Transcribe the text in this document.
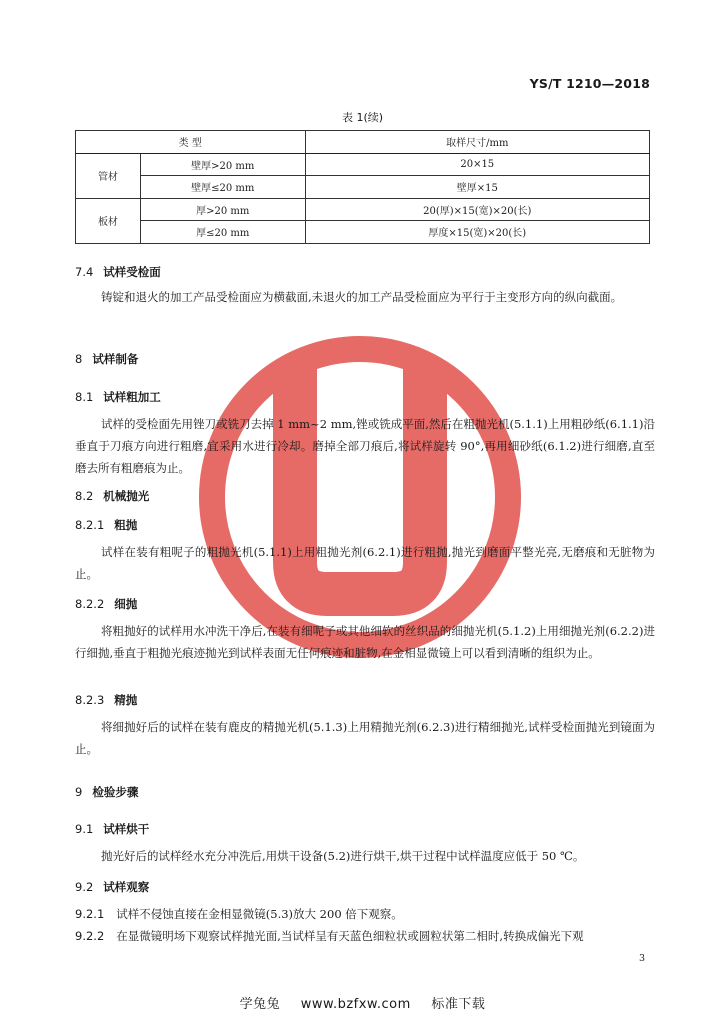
YS/T 1210—2018
表 1(续)
类 型		取样尺寸/mm
管材	壁厚>20 mm	20×15
	壁厚≤20 mm	壁厚×15
板材	厚>20 mm	20(厚)×15(宽)×20(长)
	厚≤20 mm	厚度×15(宽)×20(长)
7.4 试样受检面
铸锭和退火的加工产品受检面应为横截面,未退火的加工产品受检面应为平行于主变形方向的纵向截面。
8 试样制备
8.1 试样粗加工
试样的受检面先用锉刀或铣刀去掉 1 mm~2 mm,锉或铣成平面,然后在粗抛光机(5.1.1)上用粗砂纸(6.1.1)沿垂直于刀痕方向进行粗磨,宜采用水进行冷却。磨掉全部刀痕后,将试样旋转 90°,再用细砂纸(6.1.2)进行细磨,直至磨去所有粗磨痕为止。
8.2 机械抛光
8.2.1 粗抛
试样在装有粗呢子的粗抛光机(5.1.1)上用粗抛光剂(6.2.1)进行粗抛,抛光到磨面平整光亮,无磨痕和无脏物为止。
8.2.2 细抛
将粗抛好的试样用水冲洗干净后,在装有细呢子或其他细软的丝织品的细抛光机(5.1.2)上用细抛光剂(6.2.2)进行细抛,垂直于粗抛光痕迹抛光到试样表面无任何痕迹和脏物,在金相显微镜上可以看到清晰的组织为止。
8.2.3 精抛
将细抛好后的试样在装有鹿皮的精抛光机(5.1.3)上用精抛光剂(6.2.3)进行精细抛光,试样受检面抛光到镜面为止。
9 检验步骤
9.1 试样烘干
抛光好后的试样经水充分冲洗后,用烘干设备(5.2)进行烘干,烘干过程中试样温度应低于 50 ℃。
9.2 试样观察
9.2.1 试样不侵蚀直接在金相显微镜(5.3)放大 200 倍下观察。
9.2.2 在显微镜明场下观察试样抛光面,当试样呈有天蓝色细粒状或圆粒状第二相时,转换成偏光下观
3
学兔兔 www.bzfxw.com 标准下载
